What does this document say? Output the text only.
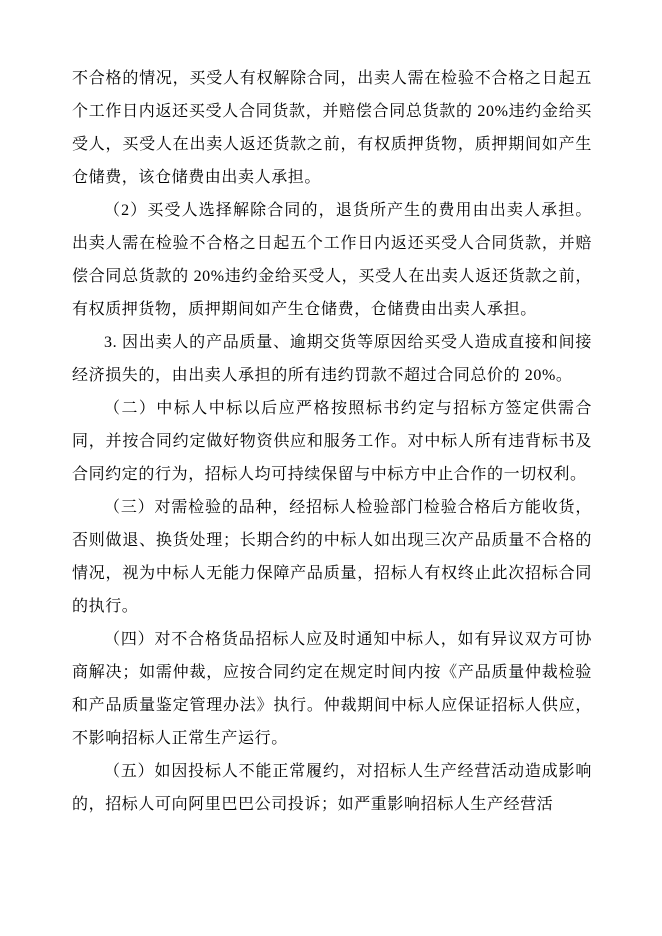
不合格的情况，买受人有权解除合同，出卖人需在检验不合格之日起五个工作日内返还买受人合同货款，并赔偿合同总货款的 20%违约金给买受人，买受人在出卖人返还货款之前，有权质押货物，质押期间如产生仓储费，该仓储费由出卖人承担。

（2）买受人选择解除合同的，退货所产生的费用由出卖人承担。出卖人需在检验不合格之日起五个工作日内返还买受人合同货款，并赔偿合同总货款的 20%违约金给买受人，买受人在出卖人返还货款之前，有权质押货物，质押期间如产生仓储费，仓储费由出卖人承担。

3. 因出卖人的产品质量、逾期交货等原因给买受人造成直接和间接经济损失的，由出卖人承担的所有违约罚款不超过合同总价的 20%。

（二）中标人中标以后应严格按照标书约定与招标方签定供需合同，并按合同约定做好物资供应和服务工作。对中标人所有违背标书及合同约定的行为，招标人均可持续保留与中标方中止合作的一切权利。

（三）对需检验的品种，经招标人检验部门检验合格后方能收货，否则做退、换货处理；长期合约的中标人如出现三次产品质量不合格的情况，视为中标人无能力保障产品质量，招标人有权终止此次招标合同的执行。

（四）对不合格货品招标人应及时通知中标人，如有异议双方可协商解决；如需仲裁，应按合同约定在规定时间内按《产品质量仲裁检验和产品质量鉴定管理办法》执行。仲裁期间中标人应保证招标人供应，不影响招标人正常生产运行。

（五）如因投标人不能正常履约，对招标人生产经营活动造成影响的，招标人可向阿里巴巴公司投诉；如严重影响招标人生产经营活
